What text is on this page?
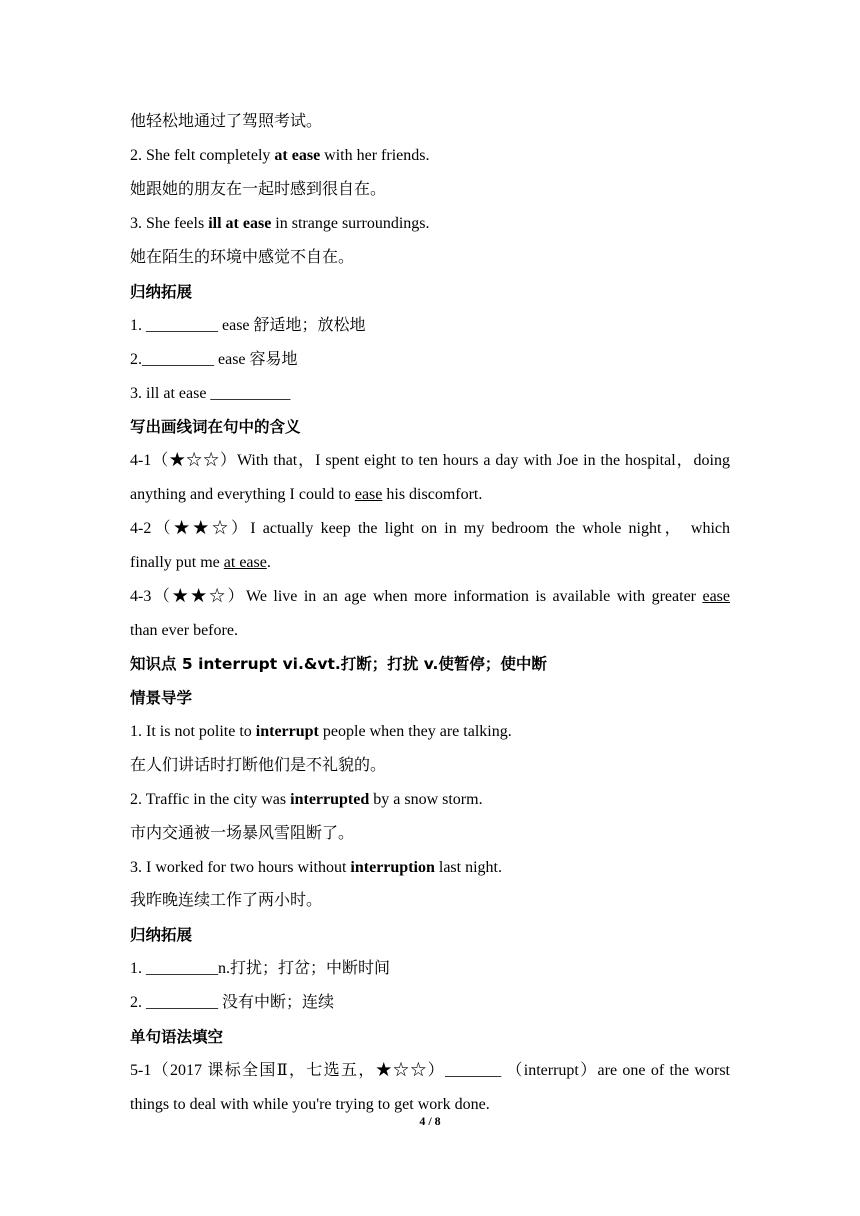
他轻松地通过了驾照考试。
2. She felt completely at ease with her friends.
她跟她的朋友在一起时感到很自在。
3. She feels ill at ease in strange surroundings.
她在陌生的环境中感觉不自在。
归纳拓展
1. _________ ease 舒适地；放松地
2._________ ease 容易地
3. ill at ease __________
写出画线词在句中的含义
4-1（★☆☆）With that，I spent eight to ten hours a day with Joe in the hospital，doing
anything and everything I could to ease his discomfort.
4-2（★★☆）I actually keep the light on in my bedroom the whole night， which
finally put me at ease.
4-3（★★☆）We live in an age when more information is available with greater ease
than ever before.
知识点 5 interrupt vi.&vt.打断；打扰 v.使暂停；使中断
情景导学
1. It is not polite to interrupt people when they are talking.
在人们讲话时打断他们是不礼貌的。
2. Traffic in the city was interrupted by a snow storm.
市内交通被一场暴风雪阻断了。
3. I worked for two hours without interruption last night.
我昨晚连续工作了两小时。
归纳拓展
1. _________n.打扰；打岔；中断时间
2. _________ 没有中断；连续
单句语法填空
5-1（2017 课标全国Ⅱ，七选五，★☆☆）_______ （interrupt）are one of the worst
things to deal with while you're trying to get work done.
4 / 8
